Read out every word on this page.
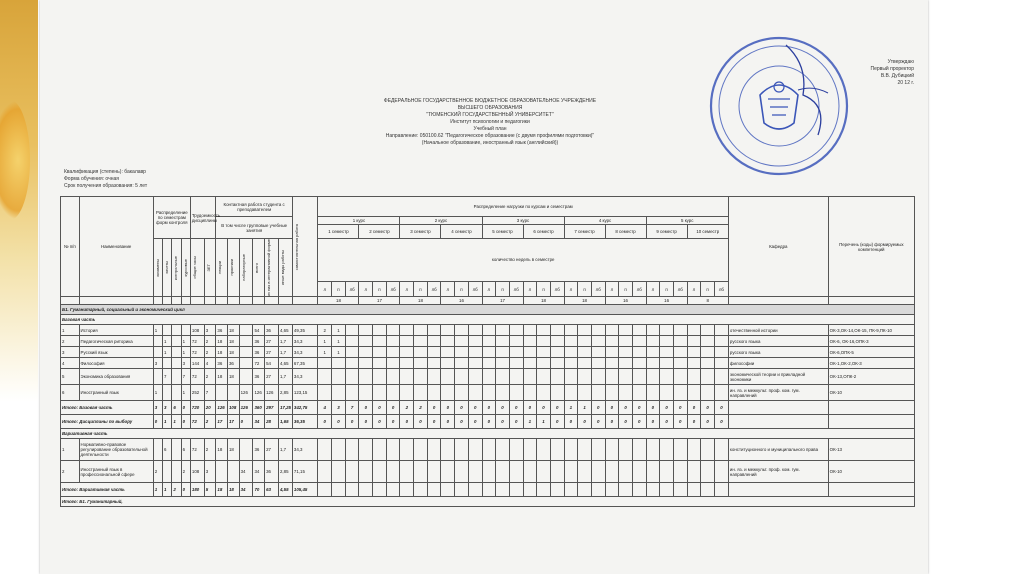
ФЕДЕРАЛЬНОЕ ГОСУДАРСТВЕННОЕ БЮДЖЕТНОЕ ОБРАЗОВАТЕЛЬНОЕ УЧРЕЖДЕНИЕ
ВЫСШЕГО ОБРАЗОВАНИЯ
"ТЮМЕНСКИЙ ГОСУДАРСТВЕННЫЙ УНИВЕРСИТЕТ"
Институт психологии и педагогики
Учебный план
Направление: 050100.62 "Педагогическое образование (с двумя профилями подготовки)"
(Начальное образование, иностранный язык (английский))
Утверждаю
Первый проректор
В.В. Дубицкий
20 12 г.
Квалификация (степень): бакалавр
Форма обучения: очная
Срок получения образования: 5 лет
№ п/п	Наименование	Распределение по семестрам форм контроля				Трудоемкость дисциплины		Контактная работа студента с преподавателем						самостоятельная работа	Распределение нагрузки по курсам и семестрам																														Кафедра	Перечень (коды) формируемых компетенций
								В том числе групповые учебные занятия							1 курс						2 курс						3 курс						4 курс						5 курс							
															1 семестр			2 семестр			3 семестр			4 семестр			5 семестр			6 семестр			7 семестр			8 семестр			9 семестр			10 семестр				

		экзамены	зачеты	контрольные	курсовые	общие часы	ЗЕТ	лекции	практики	лабораторные	всего	из них в интерактивной форме	иные виды работы		количество недель в семестре																															
															л	п	лб	л	п	лб	л	п	лб	л	п	лб	л	п	лб	л	п	лб	л	п	лб	л	п	лб	л	п	лб	л	п	лб		
															18			17			18			16			17			18			18			16			16			8				
Б1. Гуманитарный, социальный и экономический цикл																																														
Базовая часть																																														
1	История	1				108	3	36	18		54	36	4,65	49,35	2	1																													отечественной истории	ОК-3,ОК-14,ОК-15, ПК-9,ПК-10
2	Педагогическая риторика		1		1	72	2	18	18		36	27	1,7	34,3	1	1																													русского языка	ОК-6, ОК-16,ОПК-3
3	Русский язык		1		1	72	2	18	18		36	27	1,7	34,3	1	1																													русского языка	ОК-6,ОПК-5
4	Философия	3			3	144	4	36	36		72	54	4,65	67,35																															философии	ОК-1,ОК-2,ОК-3
5	Экономика образования		7		7	72	2	18	18		36	27	1,7	34,3																															экономической теории и прикладной экономики	ОК-13,ОПК-2
6	Иностранный язык	1			1	252	7			126	126	126	2,85	123,15																															ин. яз. и межкульт. проф. ком. гум. направлений	ОК-10
Итого: Базовая часть		3	3	6	0	720	20	126	108	126	360	297	17,25	342,75	4	3	7	0	0	0	2	2	0	0	0	0	0	0	0	0	0	0	1	1	0	0	0	0	0	0	0	0	0	0		
Итого: Дисциплины по выбору		0	1	1	0	72	2	17	17	0	34	28	1,65	36,35	0	0	0	0	0	0	0	0	0	0	0	0	0	0	0	1	1	0	0	0	0	0	0	0	0	0	0	0	0	0		
Вариативная часть																																														
1	Нормативно-правовое регулирование образовательной деятельности		6		6	72	2	18	18		36	27	1,7	34,3																															конституционного и муниципального права	ОК-13
2	Иностранный язык в профессиональной сфере	2			2	108	3			34	34	36	2,85	71,15																															ин. яз. и межкульт. проф. ком. гум. направлений	ОК-10
Итого: Вариативная часть		1	1	2	0	180	5	18	18	34	70	63	4,55	105,45																																
Итого: Б1. Гуманитарный,																																														
